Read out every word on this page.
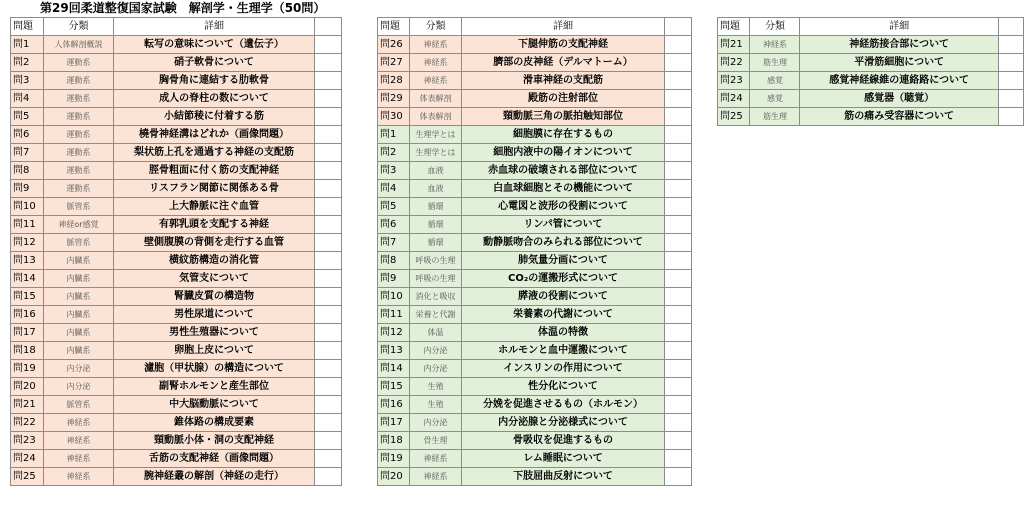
第29回柔道整復国家試験　解剖学・生理学（50問）
問題	分類	詳細	
問1	人体解剖概説	転写の意味について（遺伝子）	
問2	運動系	硝子軟骨について	
問3	運動系	胸骨角に連結する肋軟骨	
問4	運動系	成人の脊柱の数について	
問5	運動系	小結節稜に付着する筋	
問6	運動系	橈骨神経溝はどれか（画像問題）	
問7	運動系	梨状筋上孔を通過する神経の支配筋	
問8	運動系	脛骨粗面に付く筋の支配神経	
問9	運動系	リスフラン関節に関係ある骨	
問10	脈管系	上大静脈に注ぐ血管	
問11	神経or感覚	有郭乳頭を支配する神経	
問12	脈管系	壁側腹膜の背側を走行する血管	
問13	内臓系	横紋筋構造の消化管	
問14	内臓系	気管支について	
問15	内臓系	腎臓皮質の構造物	
問16	内臓系	男性尿道について	
問17	内臓系	男性生殖器について	
問18	内臓系	卵胞上皮について	
問19	内分泌	濾胞（甲状腺）の構造について	
問20	内分泌	副腎ホルモンと産生部位	
問21	脈管系	中大脳動脈について	
問22	神経系	錐体路の構成要素	
問23	神経系	頸動脈小体・洞の支配神経	
問24	神経系	舌筋の支配神経（画像問題）	
問25	神経系	腕神経叢の解剖（神経の走行）	
問題	分類	詳細	
問26	神経系	下腿伸筋の支配神経	
問27	神経系	臍部の皮神経（デルマトーム）	
問28	神経系	滑車神経の支配筋	
問29	体表解剖	殿筋の注射部位	
問30	体表解剖	頸動脈三角の脈拍触知部位	
問1	生理学とは	細胞膜に存在するもの	
問2	生理学とは	細胞内液中の陽イオンについて	
問3	血液	赤血球の破壊される部位について	
問4	血液	白血球細胞とその機能について	
問5	循環	心電図と波形の役割について	
問6	循環	リンパ管について	
問7	循環	動静脈吻合のみられる部位について	
問8	呼吸の生理	肺気量分画について	
問9	呼吸の生理	CO₂の運搬形式について	
問10	消化と吸収	膵液の役割について	
問11	栄養と代謝	栄養素の代謝について	
問12	体温	体温の特徴	
問13	内分泌	ホルモンと血中運搬について	
問14	内分泌	インスリンの作用について	
問15	生殖	性分化について	
問16	生殖	分娩を促進させるもの（ホルモン）	
問17	内分泌	内分泌腺と分泌様式について	
問18	骨生理	骨吸収を促進するもの	
問19	神経系	レム睡眠について	
問20	神経系	下肢屈曲反射について	
問題	分類	詳細	
問21	神経系	神経筋接合部について	
問22	筋生理	平滑筋細胞について	
問23	感覚	感覚神経線維の連絡路について	
問24	感覚	感覚器（聴覚）	
問25	筋生理	筋の痛み受容器について	
